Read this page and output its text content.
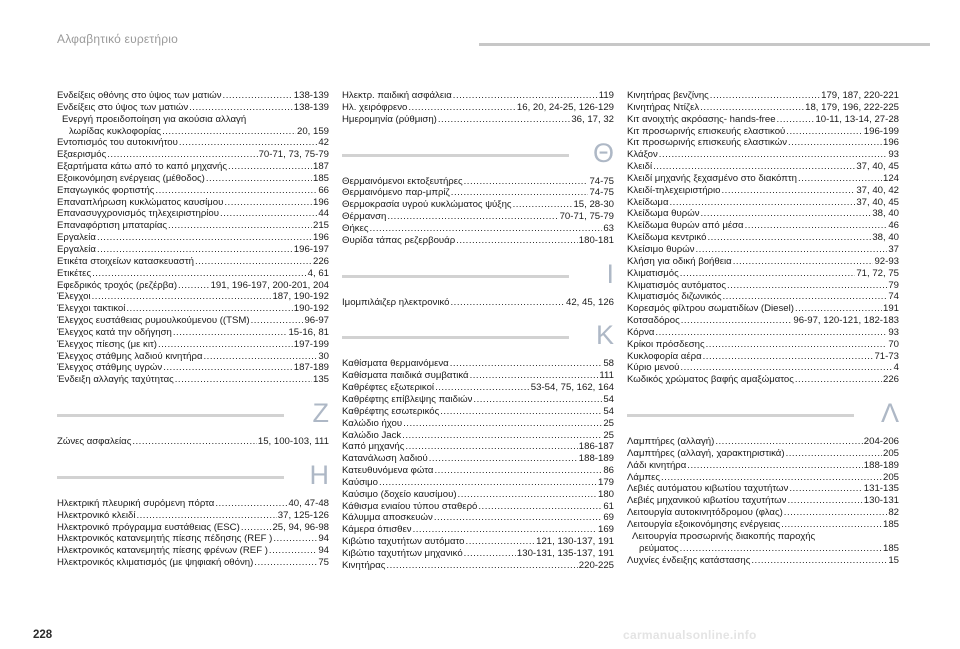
Αλφαβητικό ευρετήριο
Ενδείξεις οθόνης στο ύψος των ματιών .....	138-139
Ενδείξεις στο ύψος των ματιών .....	138-139
Ενεργή προειδοποίηση για ακούσια αλλαγή
λωρίδας κυκλοφορίας .....	20, 159
Εντοπισμός του αυτοκινήτου .....	42
Εξαερισμός .....	70-71, 73, 75-79
Εξαρτήματα κάτω από το καπό μηχανής .....	187
Εξοικονόμηση ενέργειας (μέθοδος) .....	185
Επαγωγικός φορτιστής .....	66
Επαναπλήρωση κυκλώματος καυσίμου .....	196
Επανασυγχρονισμός τηλεχειριστηρίου .....	44
Επαναφόρτιση μπαταρίας .....	215
Εργαλεία .....	196
Εργαλεία .....	196-197
Ετικέτα στοιχείων κατασκευαστή .....	226
Ετικέτες .....	4, 61
Εφεδρικός τροχός (ρεζέρβα) .....	191, 196-197, 200-201, 204
Έλεγχοι .....	187, 190-192
Έλεγχοι τακτικοί .....	190-192
Έλεγχος ευστάθειας ρυμουλκούμενου ((TSM) .....	96-97
Έλεγχος κατά την οδήγηση .....	15-16, 81
Έλεγχος πίεσης (με κιτ) .....	197-199
Έλεγχος στάθμης λαδιού κινητήρα .....	30
Έλεγχος στάθμης υγρών .....	187-189
Ένδειξη αλλαγής ταχύτητας .....	135
Ζ
Ζώνες ασφαλείας .....	15, 100-103, 111
Η
Ηλεκτρική πλευρική συρόμενη πόρτα .....	40, 47-48
Ηλεκτρονικό κλειδί .....	37, 125-126
Ηλεκτρονικό πρόγραμμα ευστάθειας (ESC) .....	25, 94, 96-98
Ηλεκτρονικός κατανεμητής πίεσης πέδησης (REF ) .....	94
Ηλεκτρονικός κατανεμητής πίεσης φρένων (REF ) .....	94
Ηλεκτρονικός κλιματισμός (με ψηφιακή οθόνη) .....	75
Ηλεκτρ. παιδική ασφάλεια .....	119
Ηλ. χειρόφρενο .....	16, 20, 24-25, 126-129
Ημερομηνία (ρύθμιση) .....	36, 17, 32
Θ
Θερμαινόμενοι εκτοξευτήρες .....	74-75
Θερμαινόμενο παρ-μπρίζ .....	74-75
Θερμοκρασία υγρού κυκλώματος ψύξης .....	15, 28-30
Θέρμανση .....	70-71, 75-79
Θήκες .....	63
Θυρίδα τάπας ρεζερβουάρ .....	180-181
Ι
Ιμομπιλάιζερ ηλεκτρονικό .....	42, 45, 126
Κ
Καθίσματα θερμαινόμενα .....	58
Καθίσματα παιδικά συμβατικά .....	111
Καθρέφτες εξωτερικοί .....	53-54, 75, 162, 164
Καθρέφτης επίβλεψης παιδιών .....	54
Καθρέφτης εσωτερικός .....	54
Καλώδιο ήχου .....	25
Καλώδιο Jack .....	25
Καπό μηχανής .....	186-187
Κατανάλωση λαδιού .....	188-189
Κατευθυνόμενα φώτα .....	86
Καύσιμο .....	179
Καύσιμο (δοχείο καυσίμου) .....	180
Κάθισμα ενιαίου τύπου σταθερό .....	61
Κάλυμμα αποσκευών .....	69
Κάμερα όπισθεν .....	169
Κιβώτιο ταχυτήτων αυτόματο .....	121, 130-137, 191
Κιβώτιο ταχυτήτων μηχανικό .....	130-131, 135-137, 191
Κινητήρας .....	220-225
Κινητήρας βενζίνης .....	179, 187, 220-221
Κινητήρας Ντίζελ .....	18, 179, 196, 222-225
Κιτ ανοιχτής ακρόασης- hands-free .....	10-11, 13-14, 27-28
Κιτ προσωρινής επισκευής ελαστικού .....	196-199
Κιτ προσωρινής επισκευής ελαστικών .....	196
Κλάξον .....	93
Κλειδί .....	37, 40, 45
Κλειδί μηχανής ξεχασμένο στο διακόπτη .....	124
Κλειδί-τηλεχειριστήριο .....	37, 40, 42
Κλείδωμα .....	37, 40, 45
Κλείδωμα θυρών .....	38, 40
Κλείδωμα θυρών από μέσα .....	46
Κλείδωμα κεντρικό .....	38, 40
Κλείσιμο θυρών .....	37
Κλήση για οδική βοήθεια .....	92-93
Κλιματισμός .....	71, 72, 75
Κλιματισμός αυτόματος .....	79
Κλιματισμός διζωνικός .....	74
Κορεσμός φίλτρου σωματιδίων (Diesel) .....	191
Κοτσαδόρος .....	96-97, 120-121, 182-183
Κόρνα .....	93
Κρίκοι πρόσδεσης .....	70
Κυκλοφορία αέρα .....	71-73
Κύριο μενού .....	4
Κωδικός χρώματος βαφής αμαξώματος .....	226
Λ
Λαμπτήρες (αλλαγή) .....	204-206
Λαμπτήρες (αλλαγή, χαρακτηριστικά) .....	205
Λάδι κινητήρα .....	188-189
Λάμπες .....	205
Λεβιές αυτόματου κιβωτίου ταχυτήτων .....	131-135
Λεβιές μηχανικού κιβωτίου ταχυτήτων .....	130-131
Λειτουργία αυτοκινητόδρομου (φλας) .....	82
Λειτουργία εξοικονόμησης ενέργειας .....	185
Λειτουργία προσωρινής διακοπής παροχής
ρεύματος .....	185
Λυχνίες ένδειξης κατάστασης .....	15
228	carmanualsonline.info
